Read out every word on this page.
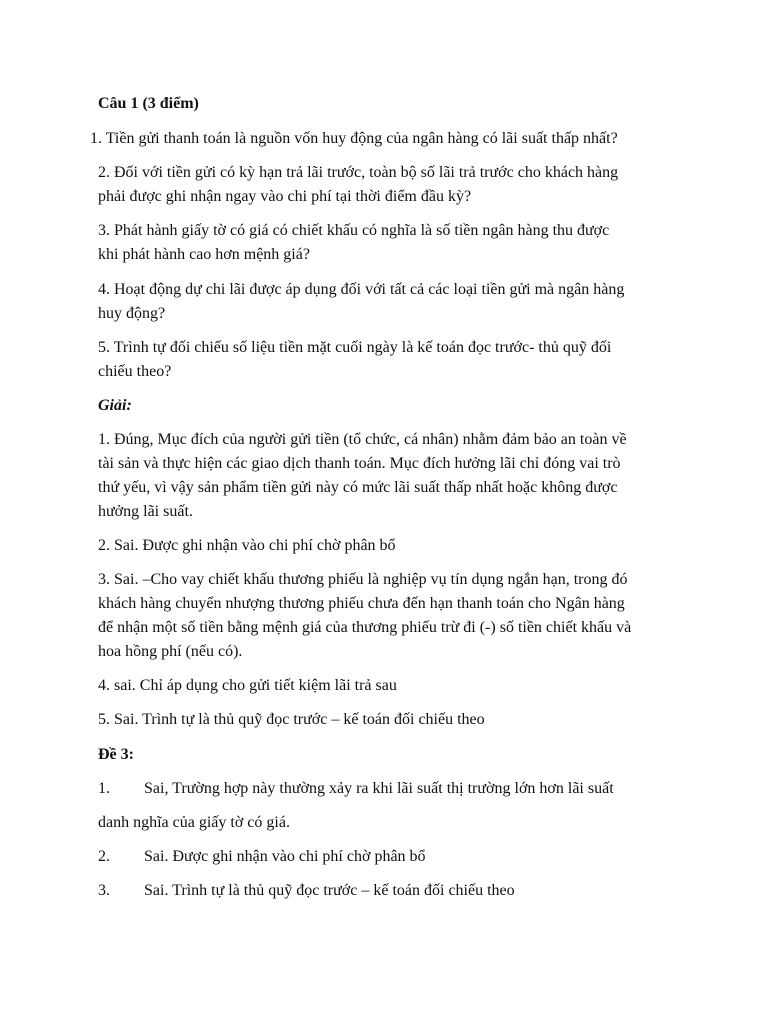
Câu 1 (3 điểm)
1. Tiền gửi thanh toán là nguồn vốn huy động của ngân hàng có lãi suất thấp nhất?
2. Đối với tiền gửi có kỳ hạn trả lãi trước, toàn bộ số lãi trả trước cho khách hàng
phải được ghi nhận ngay vào chi phí tại thời điểm đầu kỳ?
3. Phát hành giấy tờ có giá có chiết khấu có nghĩa là số tiền ngân hàng thu được
khi phát hành cao hơn mệnh giá?
4. Hoạt động dự chi lãi được áp dụng đối với tất cả các loại tiền gửi mà ngân hàng
huy động?
5. Trình tự đối chiếu số liệu tiền mặt cuối ngày là kế toán đọc trước- thủ quỹ đối
chiếu theo?
Giải:
1. Đúng, Mục đích của người gửi tiền (tổ chức, cá nhân) nhằm đảm bảo an toàn về
tài sản và thực hiện các giao dịch thanh toán. Mục đích hưởng lãi chỉ đóng vai trò
thứ yếu, vì vậy sản phẩm tiền gửi này có mức lãi suất thấp nhất hoặc không được
hưởng lãi suất.
2. Sai. Được ghi nhận vào chi phí chờ phân bổ
3. Sai. –Cho vay chiết khấu thương phiếu là nghiệp vụ tín dụng ngắn hạn, trong đó
khách hàng chuyển nhượng thương phiếu chưa đến hạn thanh toán cho Ngân hàng
để nhận một số tiền bằng mệnh giá của thương phiếu trừ đi (-) số tiền chiết khấu và
hoa hồng phí (nếu có).
4. sai. Chỉ áp dụng cho gửi tiết kiệm lãi trả sau
5. Sai. Trình tự là thủ quỹ đọc trước – kế toán đối chiếu theo
Đề 3:
1. Sai, Trường hợp này thường xảy ra khi lãi suất thị trường lớn hơn lãi suất
danh nghĩa của giấy tờ có giá.
2. Sai. Được ghi nhận vào chi phí chờ phân bổ
3. Sai. Trình tự là thủ quỹ đọc trước – kế toán đối chiếu theo
